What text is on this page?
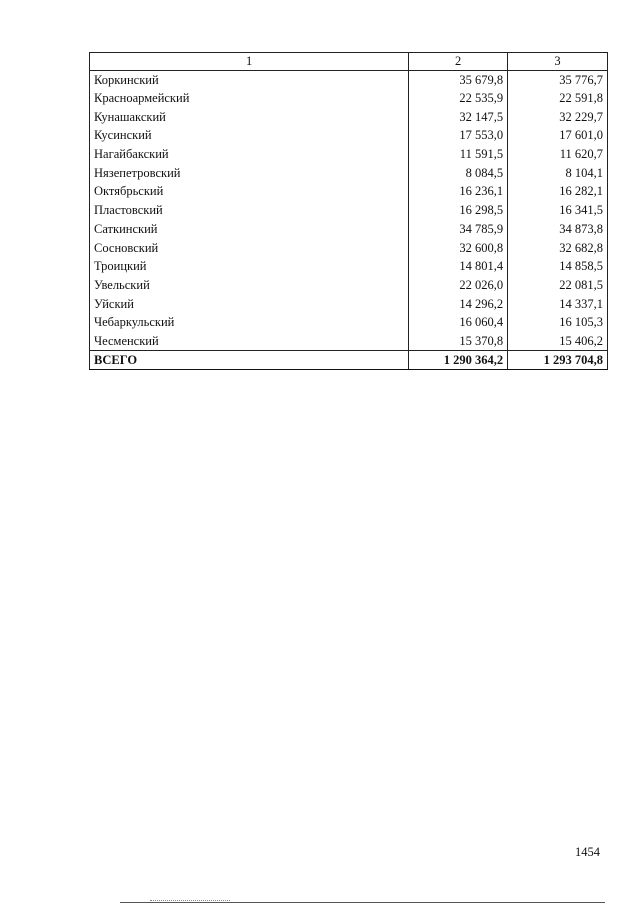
1	2	3
Коркинский	35 679,8	35 776,7
Красноармейский	22 535,9	22 591,8
Кунашакский	32 147,5	32 229,7
Кусинский	17 553,0	17 601,0
Нагайбакский	11 591,5	11 620,7
Нязепетровский	8 084,5	8 104,1
Октябрьский	16 236,1	16 282,1
Пластовский	16 298,5	16 341,5
Саткинский	34 785,9	34 873,8
Сосновский	32 600,8	32 682,8
Троицкий	14 801,4	14 858,5
Увельский	22 026,0	22 081,5
Уйский	14 296,2	14 337,1
Чебаркульский	16 060,4	16 105,3
Чесменский	15 370,8	15 406,2
ВСЕГО	1 290 364,2	1 293 704,8
1454
